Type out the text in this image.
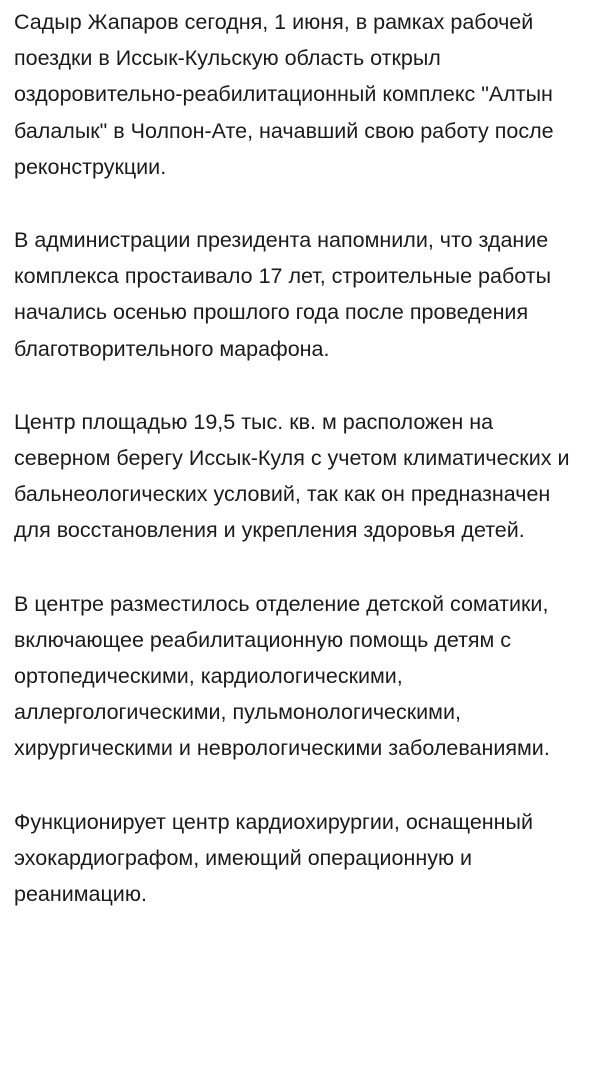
Садыр Жапаров сегодня, 1 июня, в рамках рабочей поездки в Иссык-Кульскую область открыл оздоровительно-реабилитационный комплекс "Алтын балалык" в Чолпон-Ате, начавший свою работу после реконструкции.

В администрации президента напомнили, что здание комплекса простаивало 17 лет, строительные работы начались осенью прошлого года после проведения благотворительного марафона.

Центр площадью 19,5 тыс. кв. м расположен на северном берегу Иссык-Куля с учетом климатических и бальнеологических условий, так как он предназначен для восстановления и укрепления здоровья детей.

В центре разместилось отделение детской соматики, включающее реабилитационную помощь детям с ортопедическими, кардиологическими, аллергологическими, пульмонологическими, хирургическими и неврологическими заболеваниями.

Функционирует центр кардиохирургии, оснащенный эхокардиографом, имеющий операционную и реанимацию.
